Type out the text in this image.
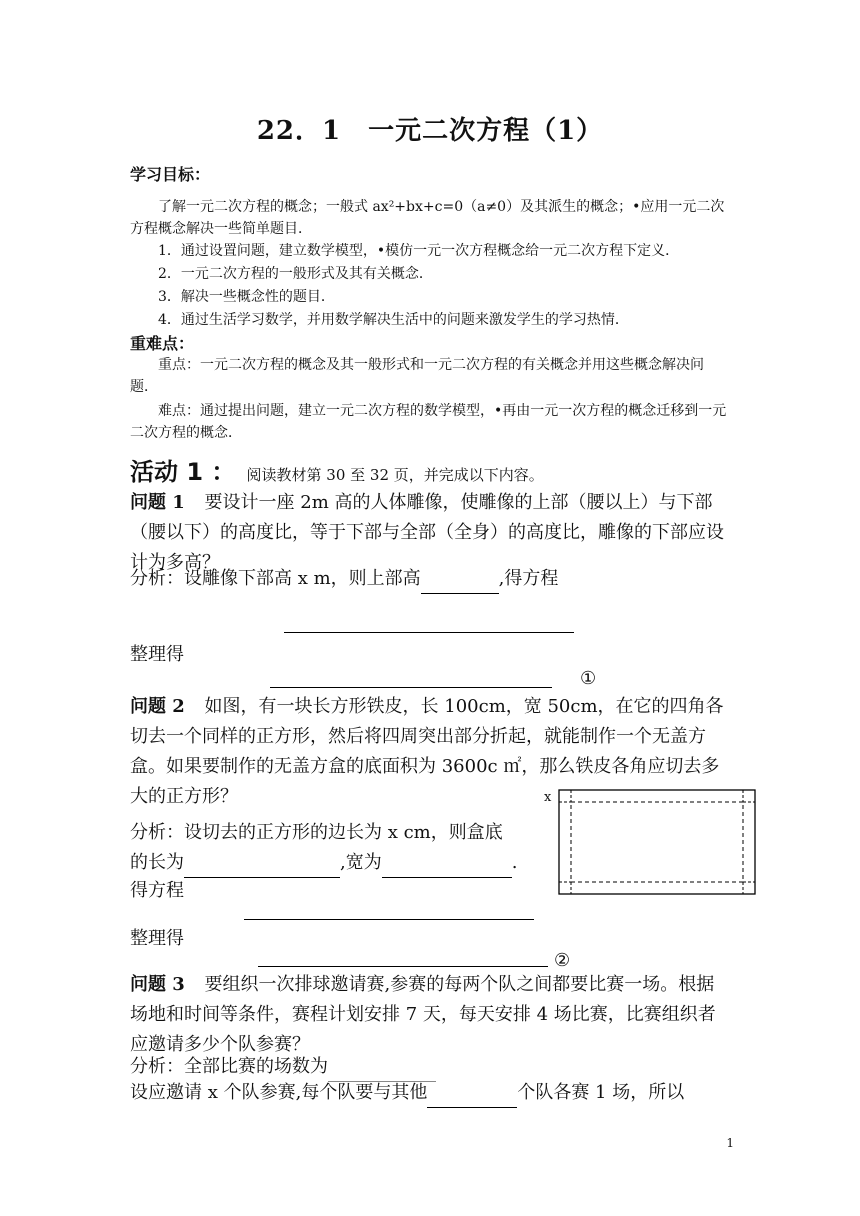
22．1　一元二次方程（1）
学习目标：
了解一元二次方程的概念；一般式 ax²+bx+c=0（a≠0）及其派生的概念；•应用一元二次方程概念解决一些简单题目．
1．通过设置问题，建立数学模型，•模仿一元一次方程概念给一元二次方程下定义．
2．一元二次方程的一般形式及其有关概念．
3．解决一些概念性的题目．
4．通过生活学习数学，并用数学解决生活中的问题来激发学生的学习热情．
重难点：
重点：一元二次方程的概念及其一般形式和一元二次方程的有关概念并用这些概念解决问题．
难点：通过提出问题，建立一元二次方程的数学模型，•再由一元一次方程的概念迁移到一元二次方程的概念．
活动 1 ： 阅读教材第 30 至 32 页，并完成以下内容。
问题 1 要设计一座 2m 高的人体雕像，使雕像的上部（腰以上）与下部（腰以下）的高度比，等于下部与全部（全身）的高度比，雕像的下部应设计为多高？
分析：设雕像下部高 x m，则上部高	,得方程
整理得
①
问题 2 如图，有一块长方形铁皮，长 100cm，宽 50cm，在它的四角各切去一个同样的正方形，然后将四周突出部分折起，就能制作一个无盖方盒。如果要制作的无盖方盒的底面积为 3600c ㎡，那么铁皮各角应切去多大的正方形？	x
分析：设切去的正方形的边长为 x cm，则盒底
的长为	,宽为	.
得方程
整理得
②
问题 3 要组织一次排球邀请赛,参赛的每两个队之间都要比赛一场。根据场地和时间等条件，赛程计划安排 7 天，每天安排 4 场比赛，比赛组织者应邀请多少个队参赛？
分析：全部比赛的场数为
设应邀请 x 个队参赛,每个队要与其他	个队各赛 1 场，所以
1
